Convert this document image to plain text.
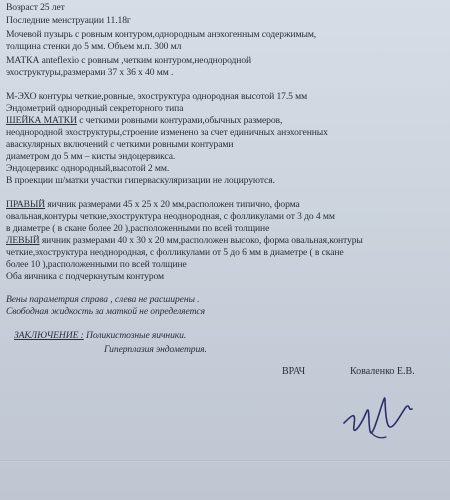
Возраст 25 лет
Последние менструации 11.18г
Мочевой пузырь с ровным контуром,однородным анэхогенным содержимым,
толщина стенки до 5 мм. Объем м.п. 300 мл
МАТКА anteflexio с ровным ,четким контуром,неоднородной
эхоструктуры,размерами 37 х 36 х 40 мм .
М-ЭХО контуры четкие,ровные, эхоструктура однородная высотой 17.5 мм
Эндометрий однородный секреторного типа
ШЕЙКА МАТКИ с четкими ровными контурами,обычных размеров,
неоднородной эхоструктуры,строение изменено за счет единичных анэхогенных
аваскулярных включений с четкими ровными контурами
диаметром до 5 мм – кисты эндоцервикса.
Эндоцервикс однородный,высотой 2 мм.
В проекции ш/матки участки гиперваскуляризации не лоцируются.
ПРАВЫЙ яичник размерами 45 х 25 х 20 мм,расположен типично, форма
овальная,контуры четкие,эхоструктура неоднородная, с фолликулами от 3 до 4 мм
в диаметре ( в скане более 20 ),расположенными по всей толщине
ЛЕВЫЙ яичник размерами 40 х 30 х 20 мм,расположен высоко, форма овальная,контуры
четкие,эхоструктура неоднородная, с фолликулами от 5 до 6 мм в диаметре ( в скане
более 10 ),расположенными по всей толщине
Оба яичника с подчеркнутым контуром
Вены параметрия справа , слева не расширены .
Свободная жидкость за маткой не определяется
ЗАКЛЮЧЕНИЕ : Поликистозные яичники.
Гиперплазия эндометрия.
ВРАЧ	Коваленко Е.В.
